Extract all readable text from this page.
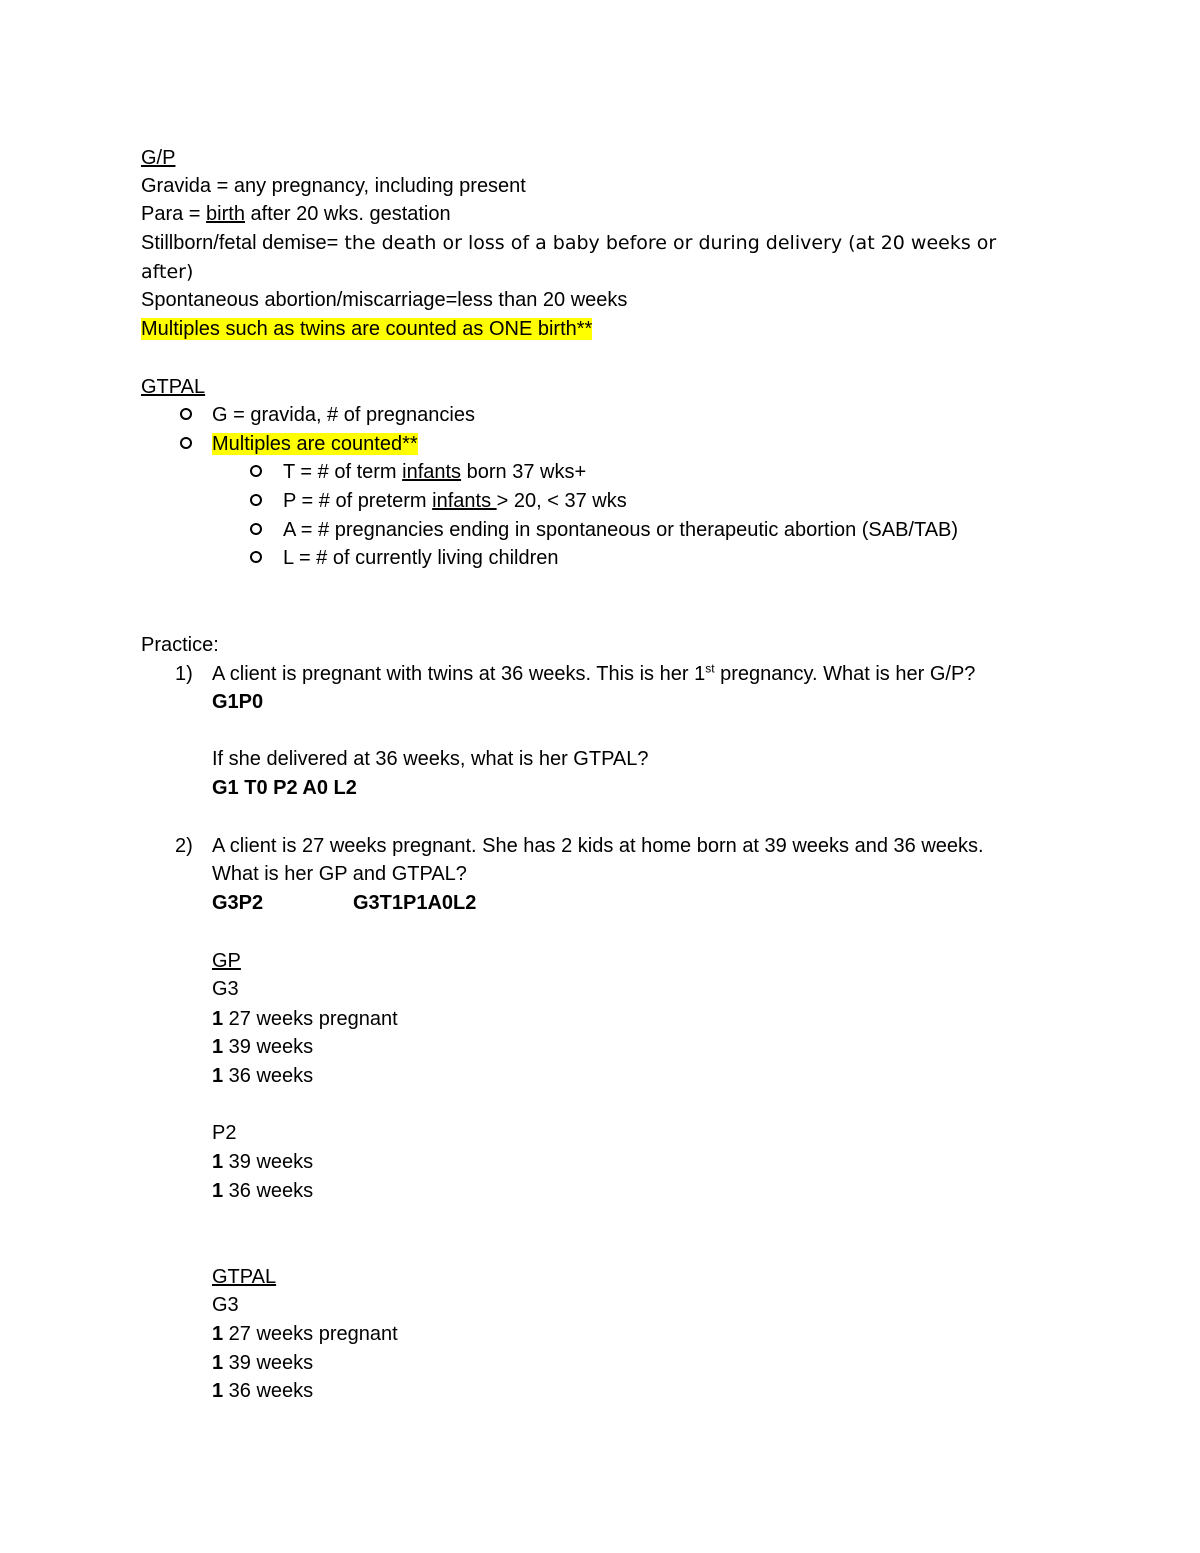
G/P
Gravida = any pregnancy, including present
Para = birth after 20 wks. gestation
Stillborn/fetal demise= the death or loss of a baby before or during delivery (at 20 weeks or
after)
Spontaneous abortion/miscarriage=less than 20 weeks
Multiples such as twins are counted as ONE birth**
GTPAL
G = gravida, # of pregnancies
Multiples are counted**
T = # of term infants born 37 wks+
P = # of preterm infants > 20, < 37 wks
A = # pregnancies ending in spontaneous or therapeutic abortion (SAB/TAB)
L = # of currently living children
Practice:
1) A client is pregnant with twins at 36 weeks. This is her 1st pregnancy. What is her G/P?
G1P0
If she delivered at 36 weeks, what is her GTPAL?
G1 T0 P2 A0 L2
2) A client is 27 weeks pregnant. She has 2 kids at home born at 39 weeks and 36 weeks.
What is her GP and GTPAL?
G3P2	G3T1P1A0L2
GP
G3
1 27 weeks pregnant
1 39 weeks
1 36 weeks
P2
1 39 weeks
1 36 weeks
GTPAL
G3
1 27 weeks pregnant
1 39 weeks
1 36 weeks
